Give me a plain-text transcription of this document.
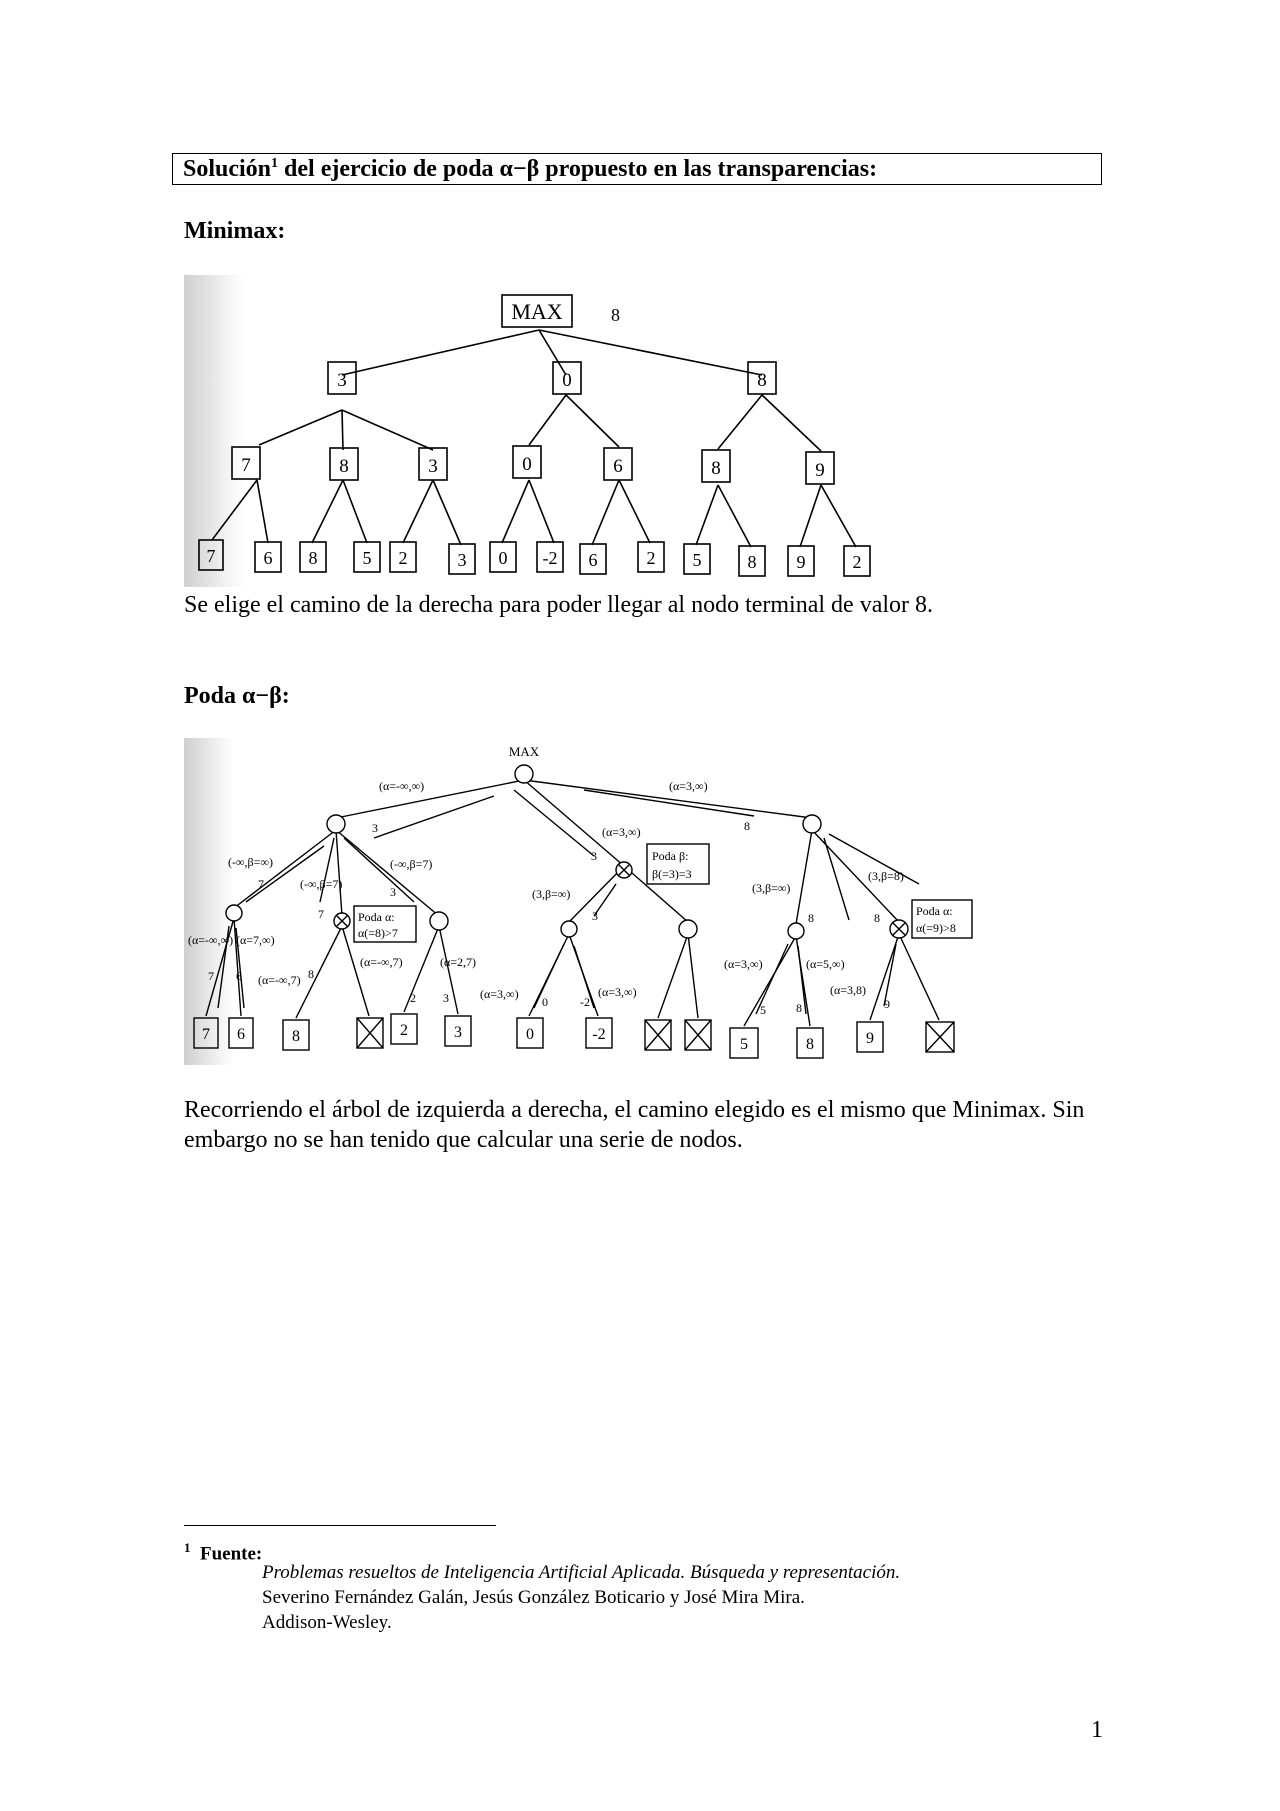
Solución$^1$ del ejercicio de poda α−β propuesto en las transparencias:
Minimax:
MAX	8
3	0	8
7	8	3	0	6	8	9
7	6 8	5 2	3 0 -2 6	2 5	8 9	2
Se elige el camino de la derecha para poder llegar al nodo terminal de valor 8.
Poda α−β:
MAX
(α=-∞,∞)
3
(α=3,∞)
8
(α=3,∞)
3
(-∞,β=∞)
7	(-∞,β=7)
(-∞,β=7)
3
(α=-∞,∞) (α=7,∞)
7 6 (α=-∞,7)
7
8
(α=-∞,7)	(α=2,7)
2 3
(3,β=∞)
3
(α=3,∞)	(α=3,∞)
0	-2
(3,β=∞)
(3,β=8)
8	8
(α=3,∞)	(α=5,∞)
5	8
(α=3,8)
9
Poda α:
α(=8)>7
Poda β:
β(=3)=3
Poda α:
α(=9)>8
7 6	8	2	3	0	-2
5	8	9
Recorriendo el árbol de izquierda a derecha, el camino elegido es el mismo que Minimax. Sin embargo no se han tenido que calcular una serie de nodos.
$^1$ Fuente:
Problemas resueltos de Inteligencia Artificial Aplicada. Búsqueda y representación.
Severino Fernández Galán, Jesús González Boticario y José Mira Mira.
Addison-Wesley.
1
